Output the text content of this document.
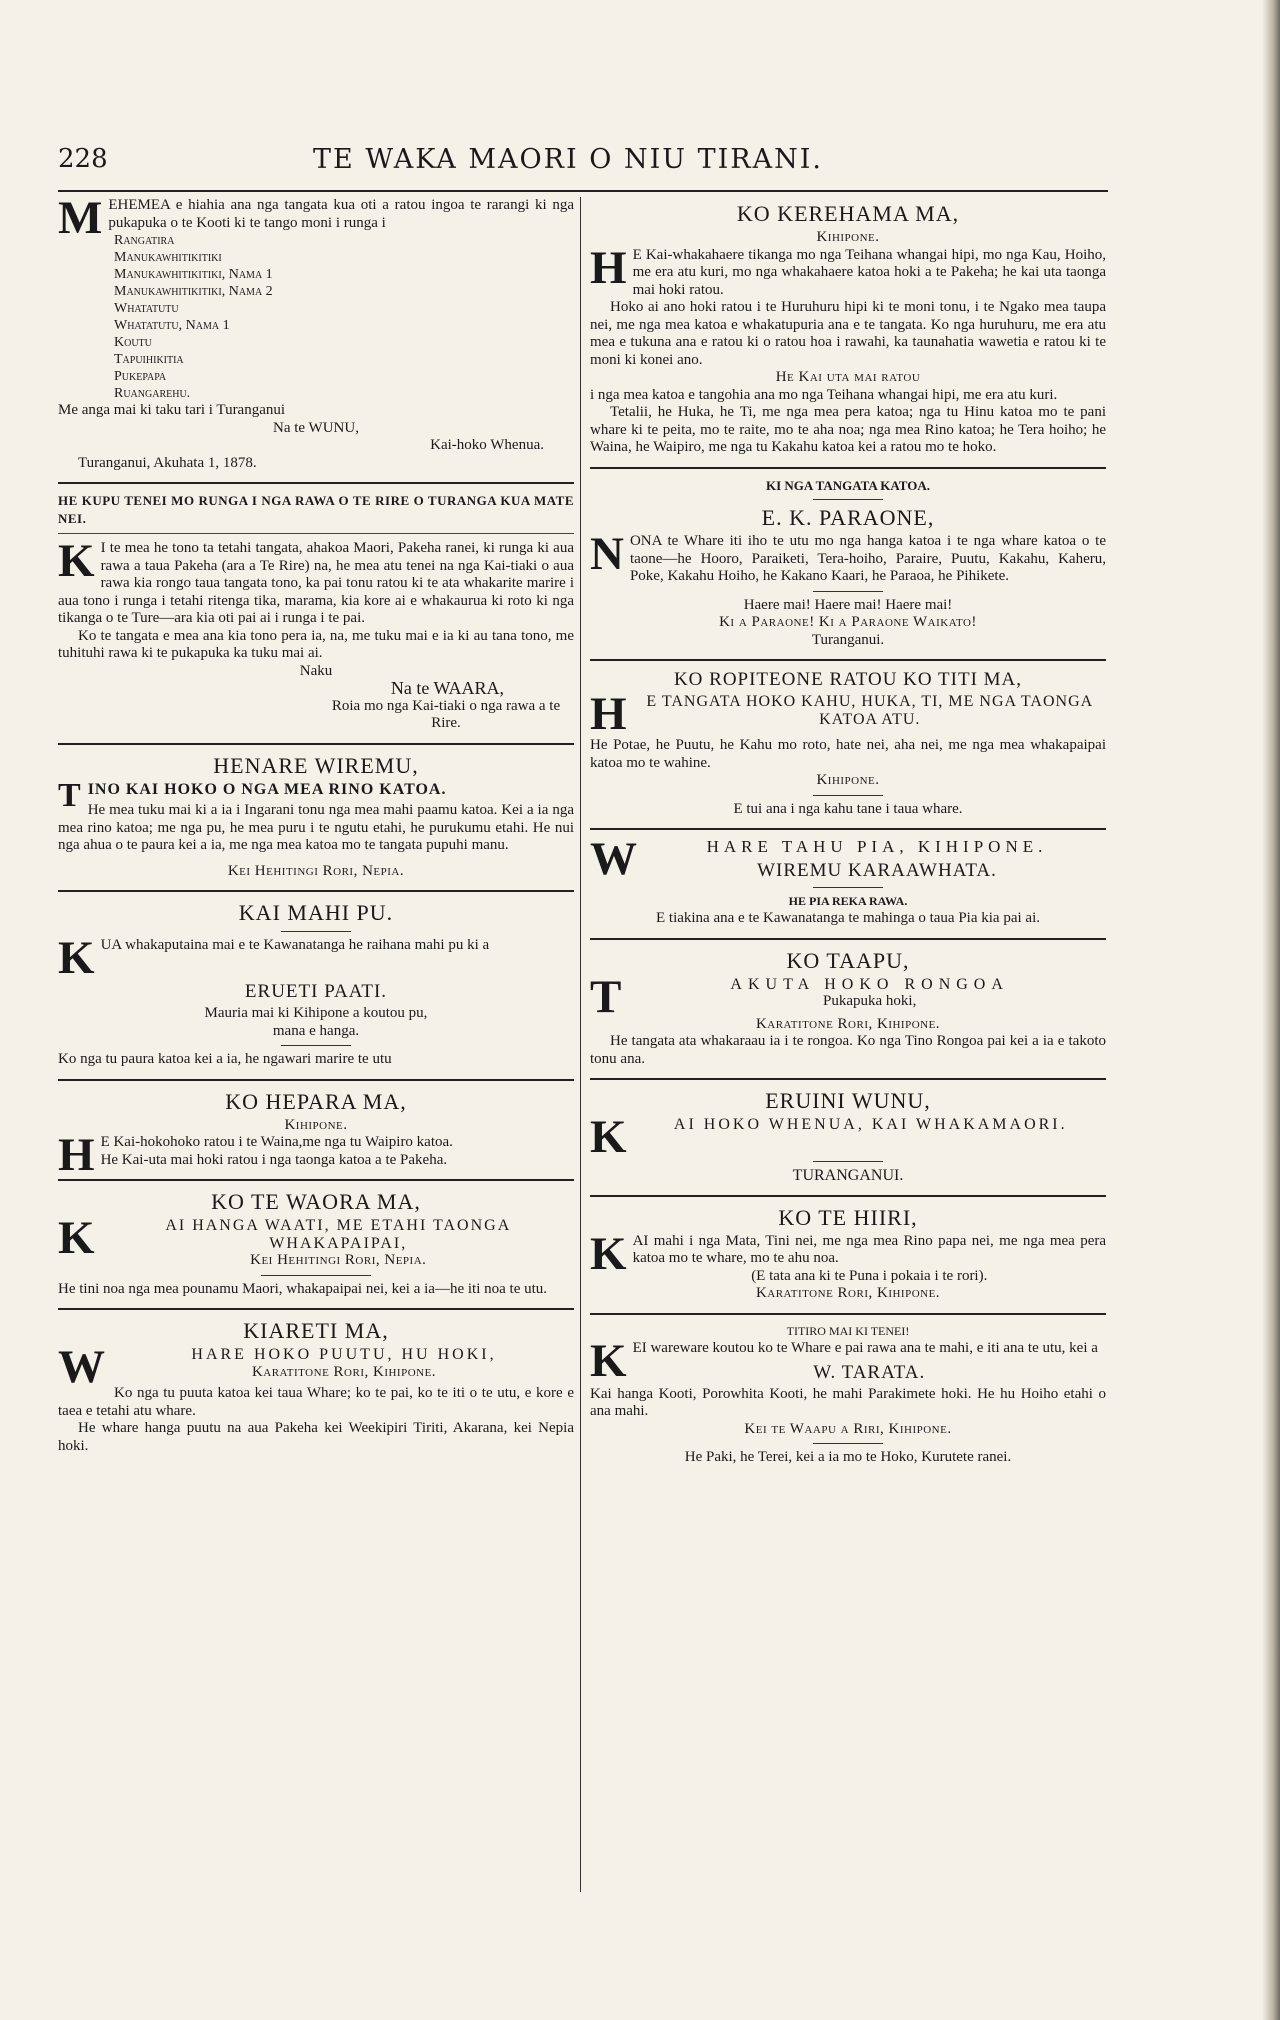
228	TE WAKA MAORI O NIU TIRANI.

MEHEMEA e hiahia ana nga tangata kua oti a ratou ingoa te rarangi ki nga pukapuka o te Kooti ki te tango moni i runga i

Rangatira
Manukawhitikitiki
Manukawhitikitiki, Nama 1
Manukawhitikitiki, Nama 2
Whatatutu
Whatatutu, Nama 1
Koutu
Tapuihikitia
Pukepapa
Ruangarehu.

Me anga mai ki taku tari i Turanganui

Na te WUNU,

Kai-hoko Whenua.

Turanganui, Akuhata 1, 1878.

HE KUPU TENEI MO RUNGA I NGA RAWA O TE RIRE O TURANGA KUA MATE NEI.

K I te mea he tono ta tetahi tangata, ahakoa Maori, Pakeha ranei, ki runga ki aua rawa a taua Pakeha (ara a Te Rire) na, he mea atu tenei na nga Kai-tiaki o aua rawa kia rongo taua tangata tono, ka pai tonu ratou ki te ata whakarite marire i aua tono i runga i tetahi ritenga tika, marama, kia kore ai e whakaurua ki roto ki nga tikanga o te Ture—ara kia oti pai ai i runga i te pai.

Ko te tangata e mea ana kia tono pera ia, na, me tuku mai e ia ki au tana tono, me tuhituhi rawa ki te pukapuka ka tuku mai ai.

Naku

Na te WAARA,

Roia mo nga Kai-tiaki o nga rawa a te Rire.

HENARE WIREMU,

TINO KAI HOKO O NGA MEA RINO KATOA.

He mea tuku mai ki a ia i Ingarani tonu nga mea mahi paamu katoa. Kei a ia nga mea rino katoa; me nga pu, he mea puru i te ngutu etahi, he purukumu etahi. He nui nga ahua o te paura kei a ia, me nga mea katoa mo te tangata pupuhi manu.

Kei Hehitingi Rori, Nepia.

KAI MAHI PU.

KUA whakaputaina mai e te Kawanatanga he raihana mahi pu ki a

ERUETI PAATI.

Mauria mai ki Kihipone a koutou pu,

mana e hanga.

Ko nga tu paura katoa kei a ia, he ngawari marire te utu

KO HEPARA MA,

Kihipone.

H E Kai-hokohoko ratou i te Waina,me nga tu Waipiro katoa.

He Kai-uta mai hoki ratou i nga taonga katoa a te Pakeha.

KO TE WAORA MA,

K	AI HANGA WAATI, ME ETAHI TAONGA WHAKAPAIPAI,

Kei Hehitingi Rori, Nepia.

He tini noa nga mea pounamu Maori, whakapaipai nei, kei a ia—he iti noa te utu.

KIARETI MA,

W	HARE HOKO PUUTU, HU HOKI,

Karatitone Rori, Kihipone.

Ko nga tu puuta katoa kei taua Whare; ko te pai, ko te iti o te utu, e kore e taea e tetahi atu whare.

He whare hanga puutu na aua Pakeha kei Weekipiri Tiriti, Akarana, kei Nepia hoki.

KO KEREHAMA MA,

Kihipone.

H E Kai-whakahaere tikanga mo nga Teihana whangai hipi, mo nga Kau, Hoiho, me era atu kuri, mo nga whakahaere katoa hoki a te Pakeha; he kai uta taonga mai hoki ratou.

Hoko ai ano hoki ratou i te Huruhuru hipi ki te moni tonu, i te Ngako mea taupa nei, me nga mea katoa e whakatupuria ana e te tangata. Ko nga huruhuru, me era atu mea e tukuna ana e ratou ki o ratou hoa i rawahi, ka taunahatia wawetia e ratou ki te moni ki konei ano.

He Kai uta mai ratou

i nga mea katoa e tangohia ana mo nga Teihana whangai hipi, me era atu kuri.

Tetalii, he Huka, he Ti, me nga mea pera katoa; nga tu Hinu katoa mo te pani whare ki te peita, mo te raite, mo te aha noa; nga mea Rino katoa; he Tera hoiho; he Waina, he Waipiro, me nga tu Kakahu katoa kei a ratou mo te hoko.

KI NGA TANGATA KATOA.

E. K. PARAONE,

NONA te Whare iti iho te utu mo nga hanga katoa i te nga whare katoa o te taone—he Hooro, Paraiketi, Tera-hoiho, Paraire, Puutu, Kakahu, Kaheru, Poke, Kakahu Hoiho, he Kakano Kaari, he Paraoa, he Pihikete.

Haere mai! Haere mai! Haere mai!

Ki a Paraone! Ki a Paraone Waikato!

Turanganui.

KO ROPITEONE RATOU KO TITI MA,

H E TANGATA HOKO KAHU, HUKA, TI, ME NGA TAONGA KATOA ATU.

He Potae, he Puutu, he Kahu mo roto, hate nei, aha nei, me nga mea whakapaipai katoa mo te wahine.

Kihipone.

E tui ana i nga kahu tane i taua whare.

W	HARE TAHU PIA, KIHIPONE.

WIREMU KARAAWHATA.

HE PIA REKA RAWA.

E tiakina ana e te Kawanatanga te mahinga o taua Pia kia pai ai.

KO TAAPU,

T	AKUTA HOKO RONGOA

Pukapuka hoki,

Karatitone Rori, Kihipone.

He tangata ata whakaraau ia i te rongoa. Ko nga Tino Rongoa pai kei a ia e takoto tonu ana.

ERUINI WUNU,

K	AI HOKO WHENUA, KAI WHAKAMAORI.

TURANGANUI.

KO TE HIIRI,

KAI mahi i nga Mata, Tini nei, me nga mea Rino papa nei, me nga mea pera katoa mo te whare, mo te ahu noa.

(E tata ana ki te Puna i pokaia i te rori).

Karatitone Rori, Kihipone.

TITIRO MAI KI TENEI!

KEI wareware koutou ko te Whare e pai rawa ana te mahi, e iti ana te utu, kei a

W. TARATA.

Kai hanga Kooti, Porowhita Kooti, he mahi Parakimete hoki. He hu Hoiho etahi o ana mahi.

Kei te Waapu a Riri, Kihipone.

He Paki, he Terei, kei a ia mo te Hoko, Kurutete ranei.
